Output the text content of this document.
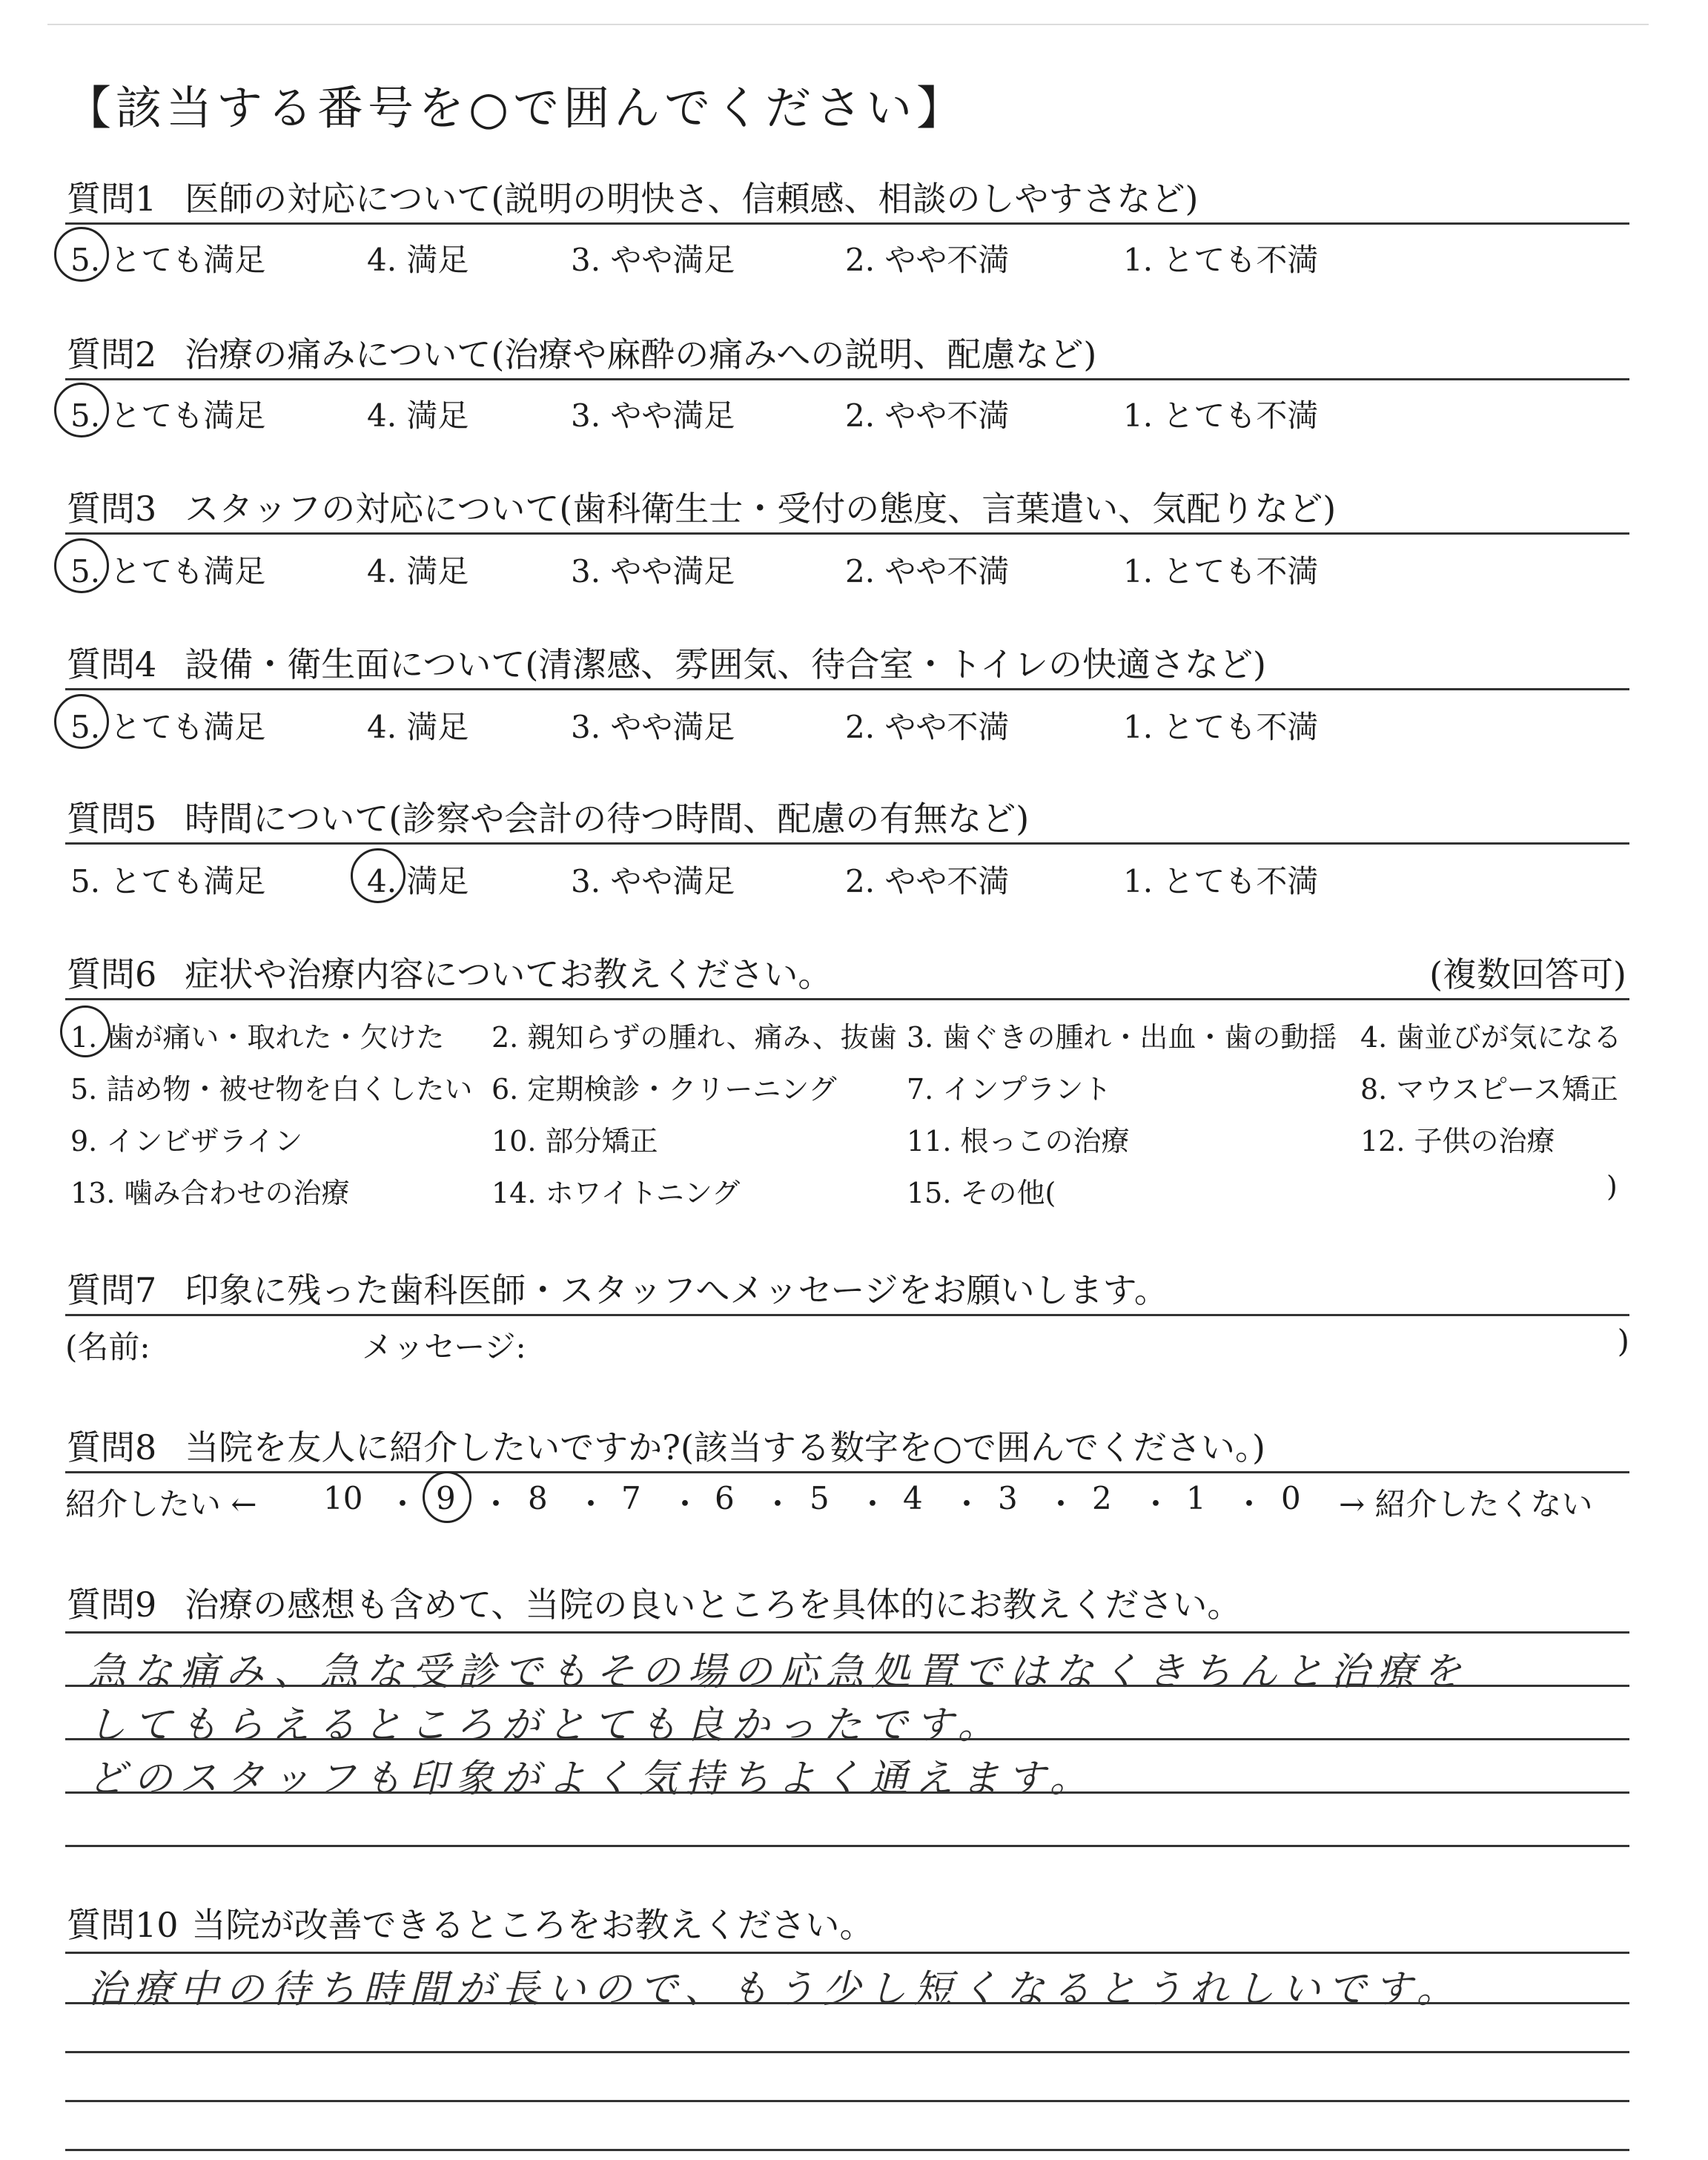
【該当する番号を○で囲んでください】
質問1 医師の対応について(説明の明快さ、信頼感、相談のしやすさなど)
5. とても満足	4. 満足	3. やや満足	2. やや不満	1. とても不満
質問2 治療の痛みについて(治療や麻酔の痛みへの説明、配慮など)
5. とても満足	4. 満足	3. やや満足	2. やや不満	1. とても不満
質問3 スタッフの対応について(歯科衛生士・受付の態度、言葉遣い、気配りなど)
5. とても満足	4. 満足	3. やや満足	2. やや不満	1. とても不満
質問4 設備・衛生面について(清潔感、雰囲気、待合室・トイレの快適さなど)
5. とても満足	4. 満足	3. やや満足	2. やや不満	1. とても不満
質問5 時間について(診察や会計の待つ時間、配慮の有無など)
5. とても満足	4. 満足	3. やや満足	2. やや不満	1. とても不満
質問6 症状や治療内容についてお教えください。	(複数回答可)
1. 歯が痛い・取れた・欠けた 2. 親知らずの腫れ、痛み、抜歯 3. 歯ぐきの腫れ・出血・歯の動揺 4. 歯並びが気になる
5. 詰め物・被せ物を白くしたい 6. 定期検診・クリーニング 7. インプラント	8. マウスピース矯正
9. インビザライン	10. 部分矯正	11. 根っこの治療	12. 子供の治療
13. 噛み合わせの治療	14. ホワイトニング	15. その他(	)
質問7 印象に残った歯科医師・スタッフへメッセージをお願いします。
(名前:	メッセージ:	)
質問8 当院を友人に紹介したいですか?(該当する数字を○で囲んでください。)
紹介したい ← 10 ・ 9 ・ 8 ・ 7 ・ 6 ・ 5 ・ 4 ・ 3 ・ 2 ・ 1 ・ 0 → 紹介したくない
質問9 治療の感想も含めて、当院の良いところを具体的にお教えください。
急な痛み、急な受診でもその場の応急処置ではなくきちんと治療を
してもらえるところがとても良かったです。
どのスタッフも印象がよく気持ちよく通えます。
質問10 当院が改善できるところをお教えください。
治療中の待ち時間が長いので、もう少し短くなるとうれしいです。
